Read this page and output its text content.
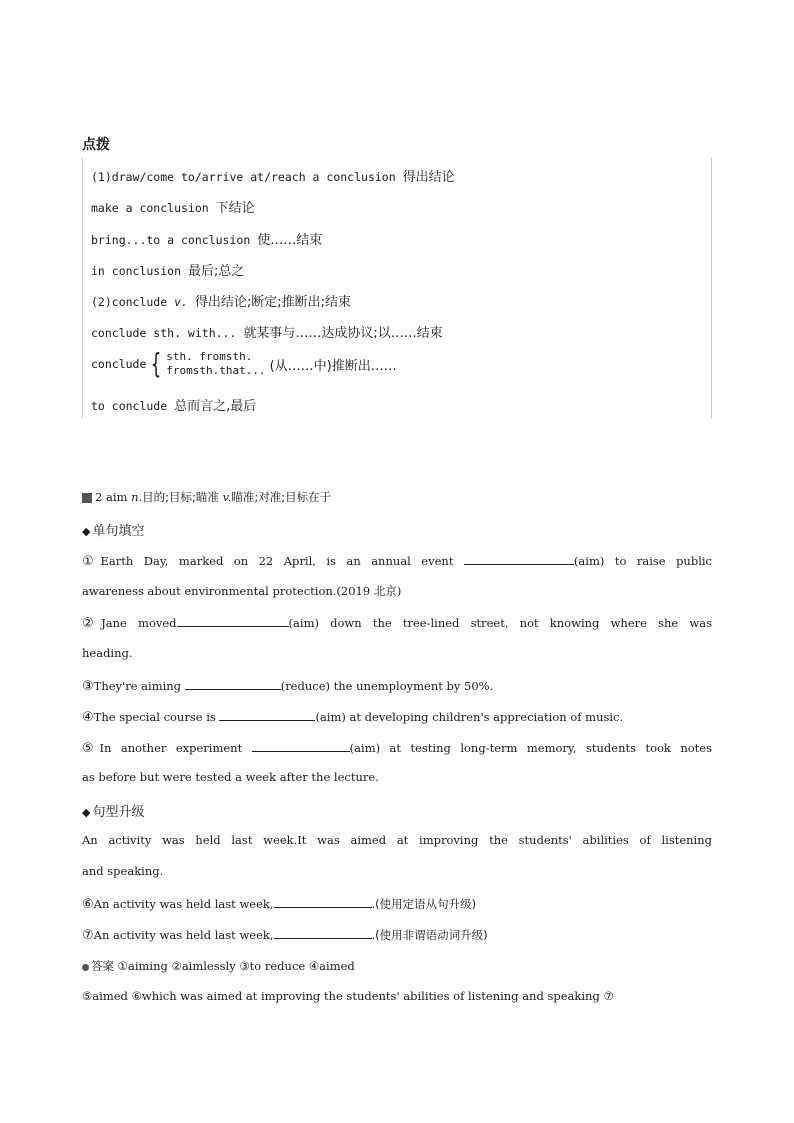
点拨
(1)draw/come to/arrive at/reach a conclusion 得出结论
make a conclusion 下结论
bring...to a conclusion 使……结束
in conclusion 最后;总之
(2)conclude v. 得出结论;断定;推断出;结束
conclude sth. with... 就某事与……达成协议;以……结束
conclude { sth. fromsth.
fromsth.that... (从……中)推断出……
to conclude 总而言之,最后
2 aim n.目的;目标;瞄准 v.瞄准;对准;目标在于
◆ 单句填空
①Earth Day, marked on 22 April, is an annual event	(aim) to raise public
awareness about environmental protection.(2019 北京)
②Jane moved	(aim) down the tree-lined street, not knowing where she was
heading.
③They're aiming	(reduce) the unemployment by 50%.
④The special course is	(aim) at developing children's appreciation of music.
⑤In another experiment	(aim) at testing long-term memory, students took notes
as before but were tested a week after the lecture.
◆ 句型升级
An activity was held last week.It was aimed at improving the students' abilities of listening
and speaking.
⑥An activity was held last week,	.(使用定语从句升级)
⑦An activity was held last week,	.(使用非谓语动词升级)
答案 ①aiming ②aimlessly ③to reduce ④aimed
⑤aimed ⑥which was aimed at improving the students' abilities of listening and speaking ⑦
